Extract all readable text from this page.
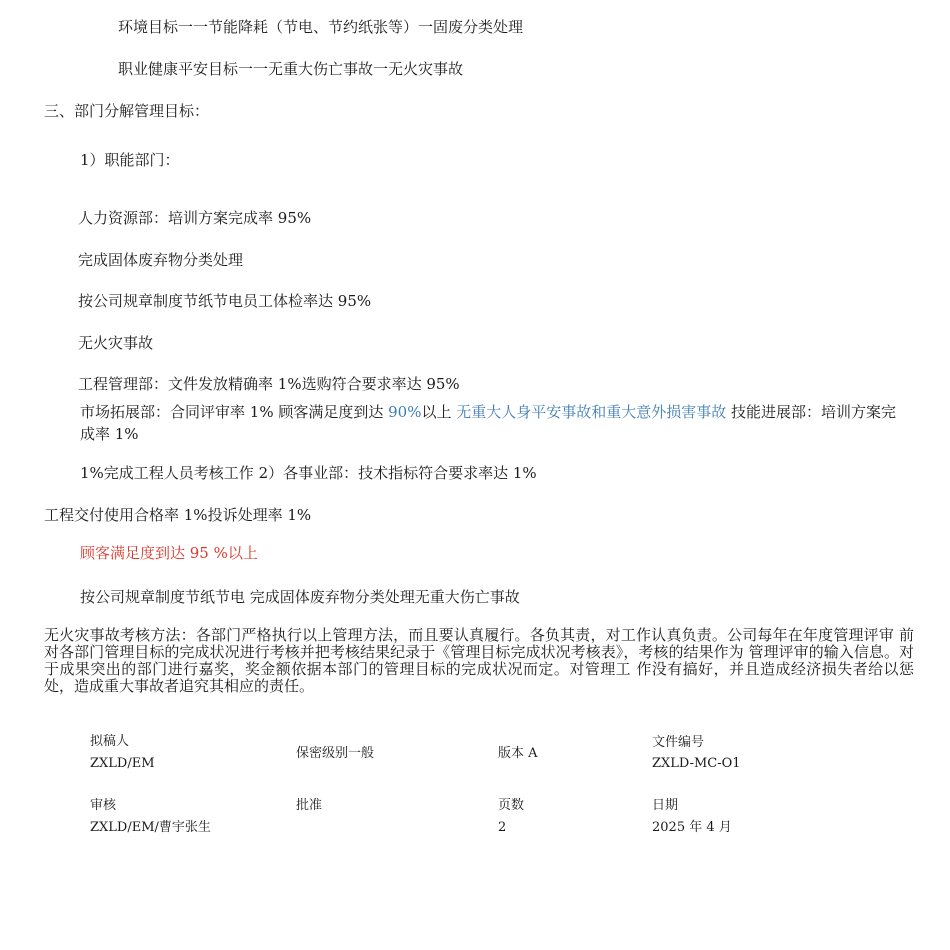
环境目标一一节能降耗（节电、节约纸张等）一固废分类处理
职业健康平安目标一一无重大伤亡事故一无火灾事故
三、部门分解管理目标：
1）职能部门：
人力资源部：培训方案完成率 95%
完成固体废弃物分类处理
按公司规章制度节纸节电员工体检率达 95%
无火灾事故
工程管理部：文件发放精确率 1%选购符合要求率达 95%
市场拓展部：合同评审率 1% 顾客满足度到达 90%以上 无重大人身平安事故和重大意外损害事故 技能进展部：培训方案完成率 1%
1%完成工程人员考核工作 2）各事业部：技术指标符合要求率达 1%
工程交付使用合格率 1%投诉处理率 1%
顾客满足度到达 95 %以上
按公司规章制度节纸节电 完成固体废弃物分类处理无重大伤亡事故
无火灾事故考核方法：各部门严格执行以上管理方法，而且要认真履行。各负其责，对工作认真负责。公司每年在年度管理评审 前对各部门管理目标的完成状况进行考核并把考核结果纪录于《管理目标完成状况考核表》，考核的结果作为 管理评审的输入信息。对于成果突出的部门进行嘉奖，奖金额依据本部门的管理目标的完成状况而定。对管理工 作没有搞好，并且造成经济损失者给以惩处，造成重大事故者追究其相应的责任。
拟稿人
ZXLD/EM
保密级别一般	版本 A
文件编号
ZXLD-MC-O1
审核
ZXLD/EM/曹宇张生
批准	页数
2
日期
2025 年 4 月
